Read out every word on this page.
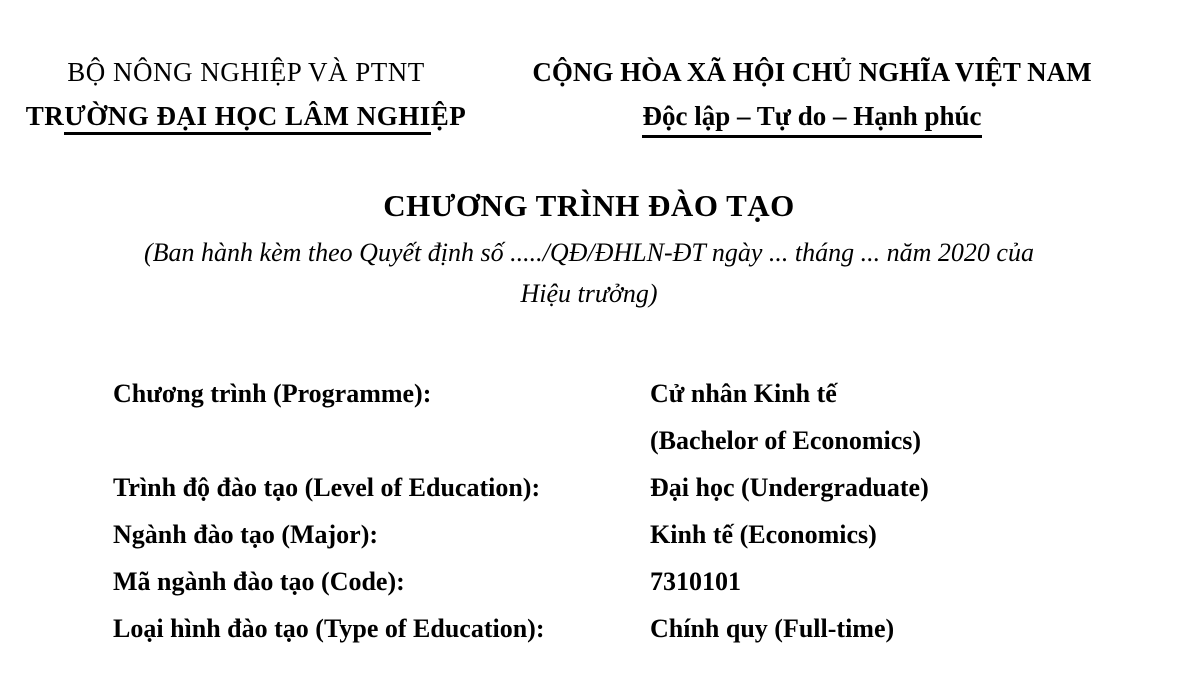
BỘ NÔNG NGHIỆP VÀ PTNT
TRƯỜNG ĐẠI HỌC LÂM NGHIỆP
CỘNG HÒA XÃ HỘI CHỦ NGHĨA VIỆT NAM
Độc lập – Tự do – Hạnh phúc
CHƯƠNG TRÌNH ĐÀO TẠO
(Ban hành kèm theo Quyết định số ...../QĐ/ĐHLN-ĐT ngày ... tháng ... năm 2020 của
Hiệu trưởng)
Chương trình (Programme):	Cử nhân Kinh tế
(Bachelor of Economics)
Trình độ đào tạo (Level of Education):	Đại học (Undergraduate)
Ngành đào tạo (Major):	Kinh tế (Economics)
Mã ngành đào tạo (Code):	7310101
Loại hình đào tạo (Type of Education):	Chính quy (Full-time)
